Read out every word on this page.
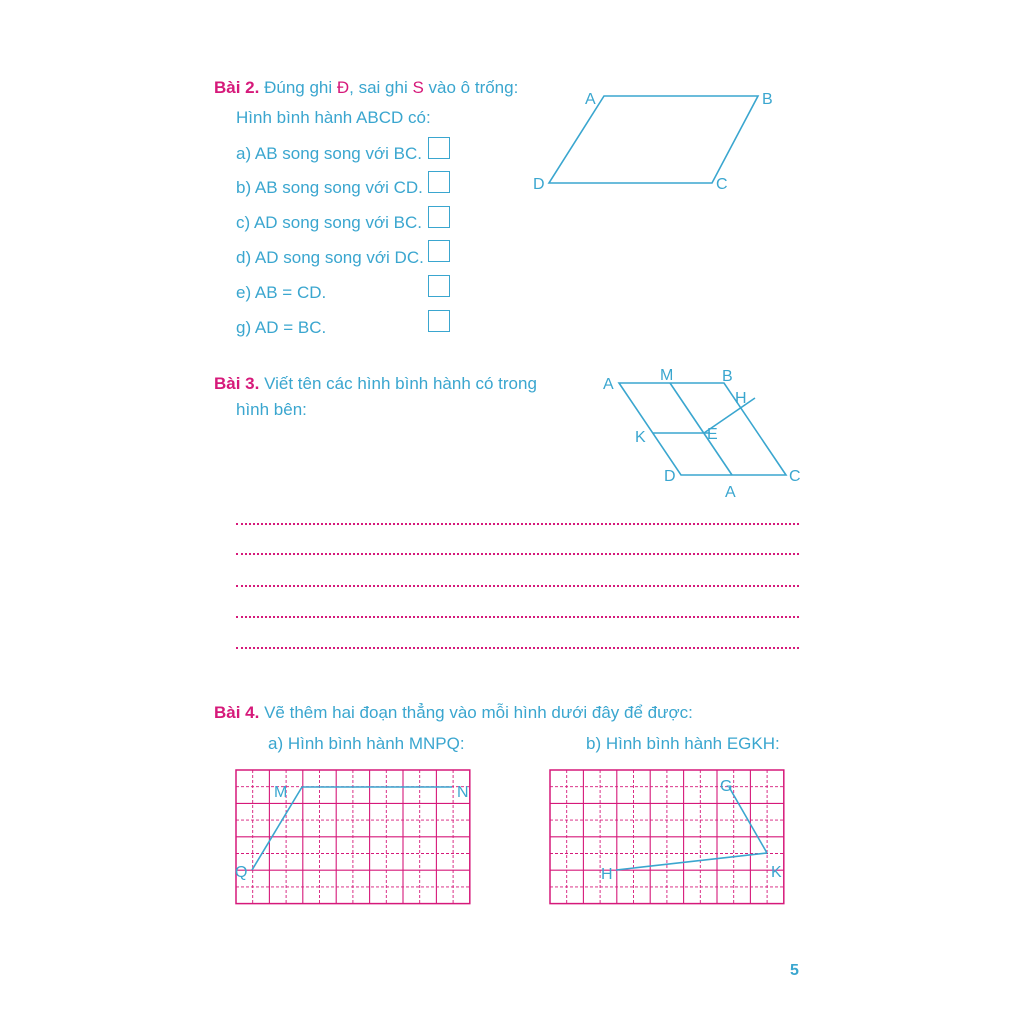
Bài 2. Đúng ghi Đ, sai ghi S vào ô trống:
Hình bình hành ABCD có:
a) AB song song với BC.
b) AB song song với CD.
c) AD song song với BC.
d) AD song song với DC.
e) AB = CD.
g) AD = BC.
Bài 3. Viết tên các hình bình hành có trong
hình bên:
Bài 4. Vẽ thêm hai đoạn thẳng vào mỗi hình dưới đây để được:
a) Hình bình hành MNPQ:	b) Hình bình hành EGKH:
A	B
C
D
A
M	B
H
K	E
D
A
C
M	N
Q
G
H	K
5
